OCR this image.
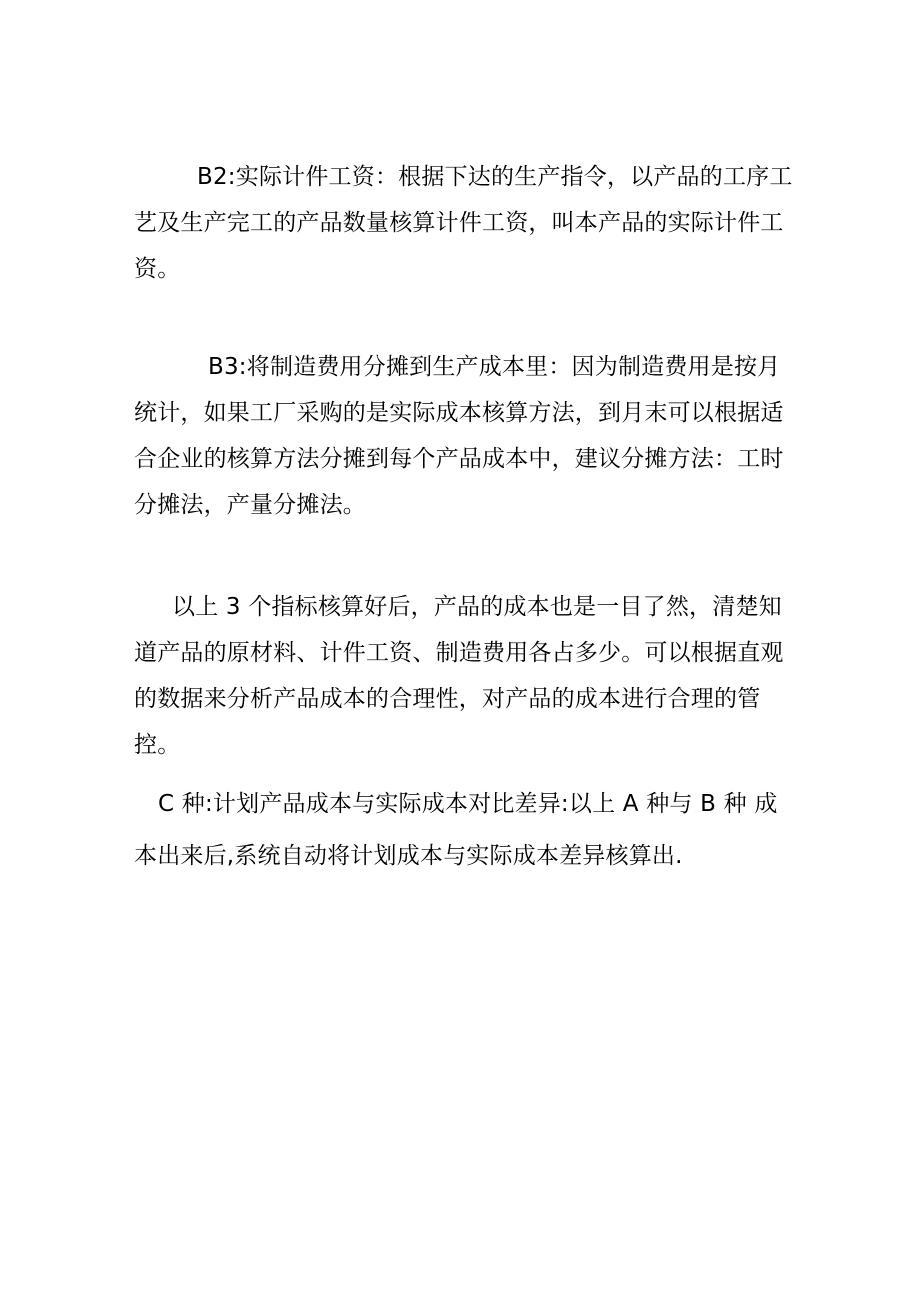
B2:实际计件工资：根据下达的生产指令，以产品的工序工艺及生产完工的产品数量核算计件工资，叫本产品的实际计件工资。

B3:将制造费用分摊到生产成本里：因为制造费用是按月统计，如果工厂采购的是实际成本核算方法，到月末可以根据适合企业的核算方法分摊到每个产品成本中，建议分摊方法：工时分摊法，产量分摊法。

以上 3 个指标核算好后，产品的成本也是一目了然，清楚知道产品的原材料、计件工资、制造费用各占多少。可以根据直观的数据来分析产品成本的合理性，对产品的成本进行合理的管控。

C 种:计划产品成本与实际成本对比差异:以上 A 种与 B 种 成本出来后,系统自动将计划成本与实际成本差异核算出.
